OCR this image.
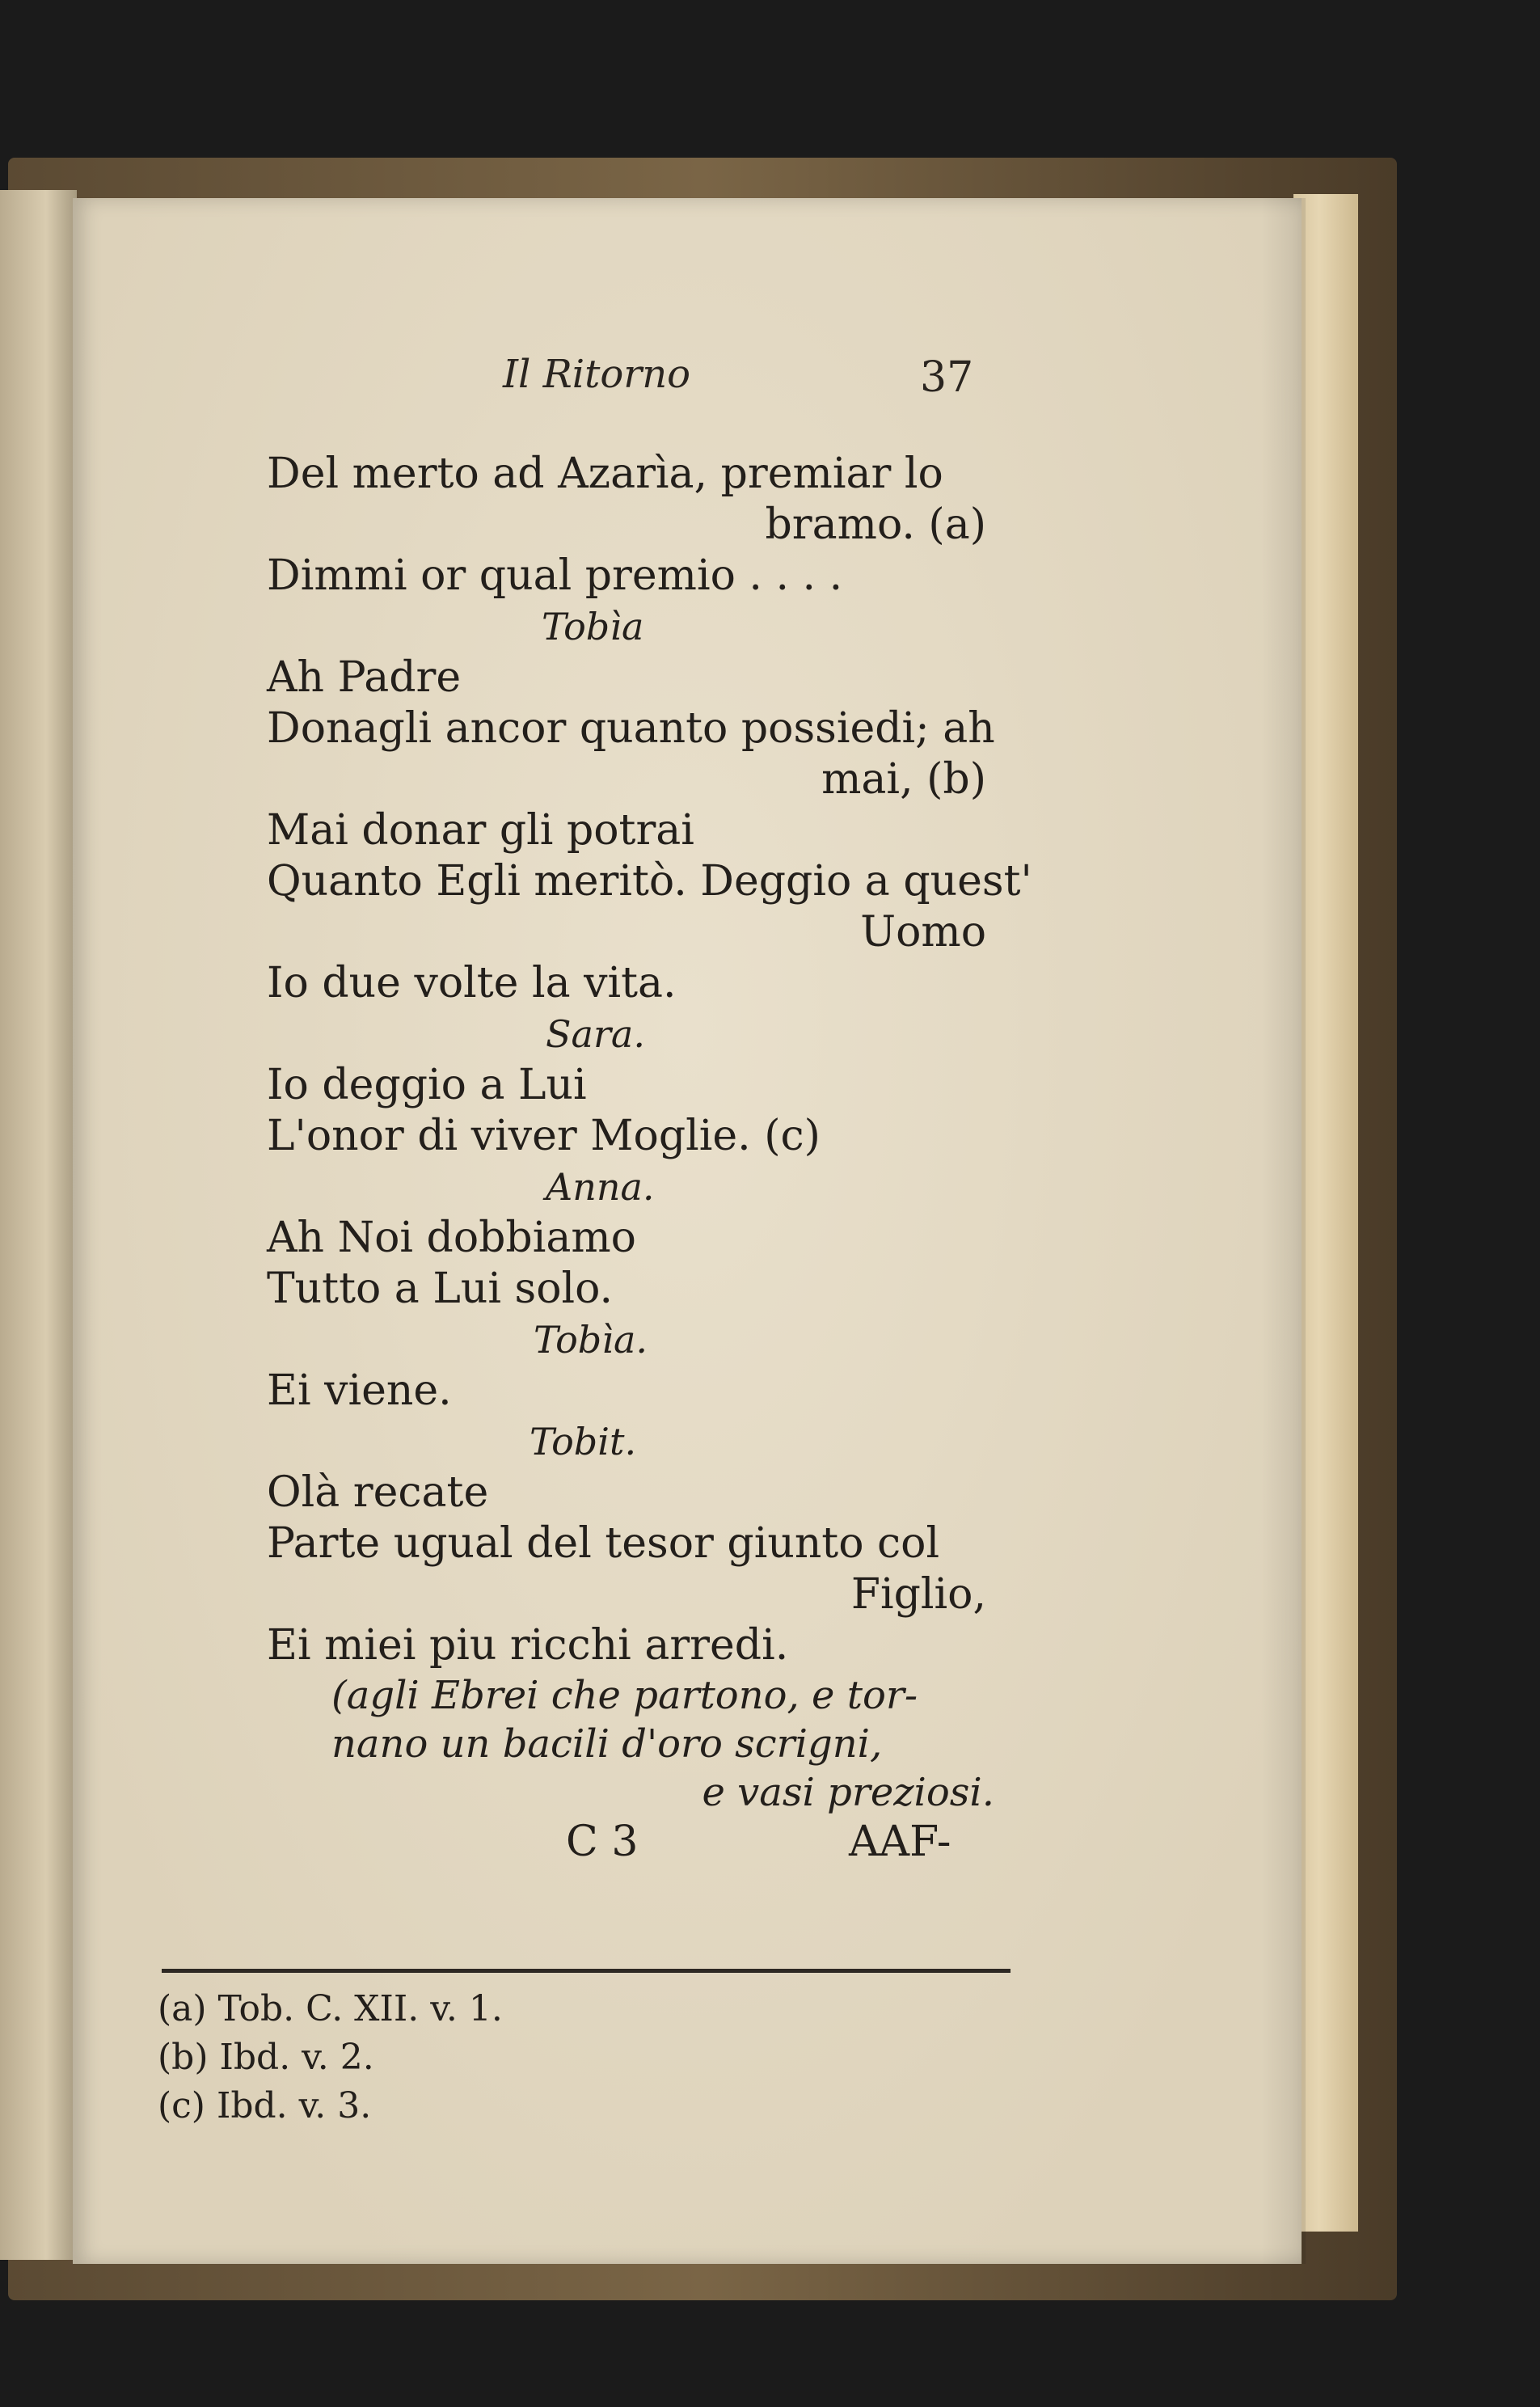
Il Ritorno	37
Del merto ad Azarìa, premiar lo
bramo. (a)
Dimmi or qual premio . . . .
Tobìa
Ah Padre
Donagli ancor quanto possiedi; ah
mai, (b)
Mai donar gli potrai
Quanto Egli meritò. Deggio a quest'
Uomo
Io due volte la vita.
Sara.
Io deggio a Lui
L'onor di viver Moglie. (c)
Anna.
Ah Noi dobbiamo
Tutto a Lui solo.
Tobìa.
Ei viene.
Tobit.
Olà recate
Parte ugual del tesor giunto col
Figlio,
Ei miei piu ricchi arredi.
(agli Ebrei che partono, e tor-
nano un bacili d'oro scrigni,
e vasi preziosi.
C 3	AAF-
(a) Tob. C. XII. v. 1.
(b) Ibd. v. 2.
(c) Ibd. v. 3.
